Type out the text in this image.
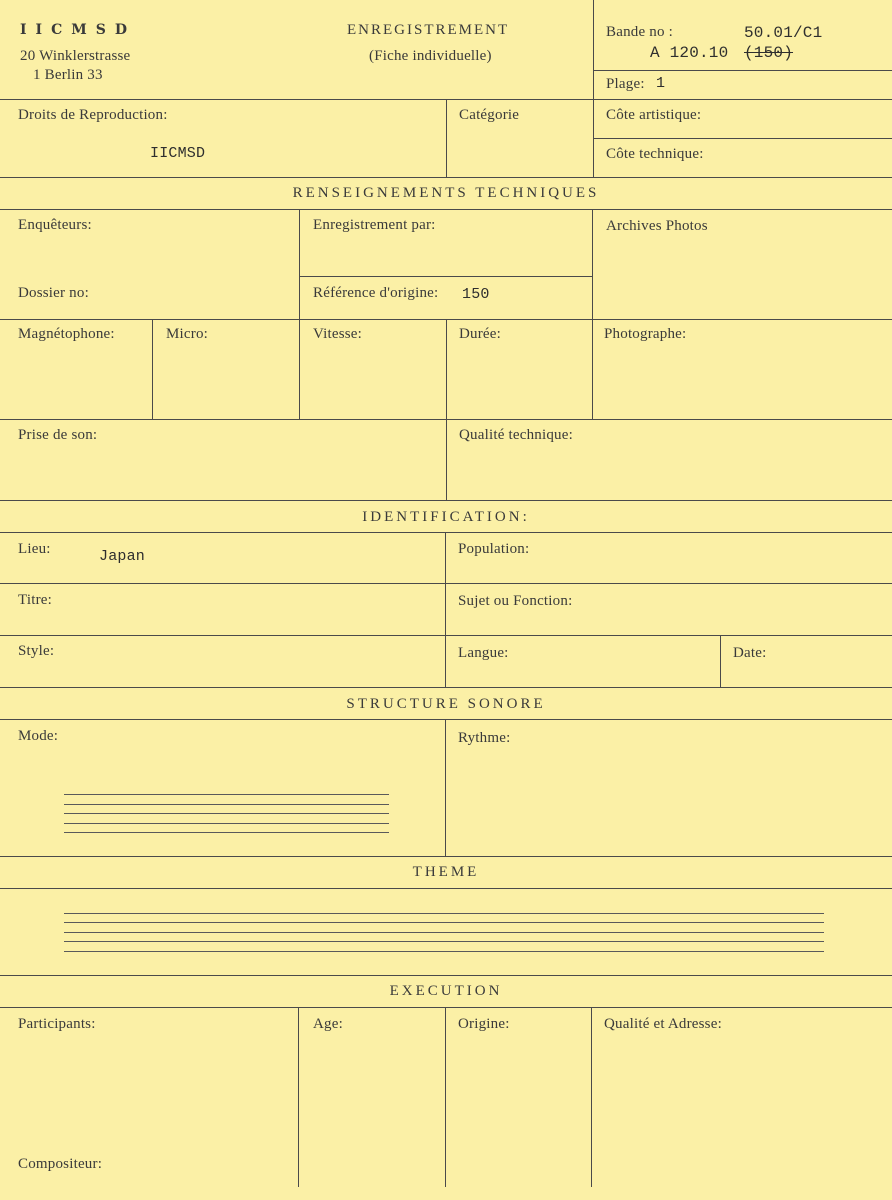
IICMSD
20 Winklerstrasse
1 Berlin 33
ENREGISTREMENT
(Fiche individuelle)
Bande no :	50.01/C1
A 120.10 (150)
Plage: 1
Droits de Reproduction:
IICMSD
Catégorie	Côte artistique:
Côte technique:
RENSEIGNEMENTS TECHNIQUES
Enquêteurs:	Enregistrement par:	Archives Photos
Dossier no:	Référence d'origine: 150
Magnétophone:	Micro:	Vitesse:	Durée:	Photographe:
Prise de son:	Qualité technique:
IDENTIFICATION:
Lieu:	Japan	Population:
Titre:	Sujet ou Fonction:
Style:	Langue:	Date:
STRUCTURE SONORE
Mode:	Rythme:
THEME
EXECUTION
Participants:	Age:	Origine:	Qualité et Adresse:
Compositeur:
